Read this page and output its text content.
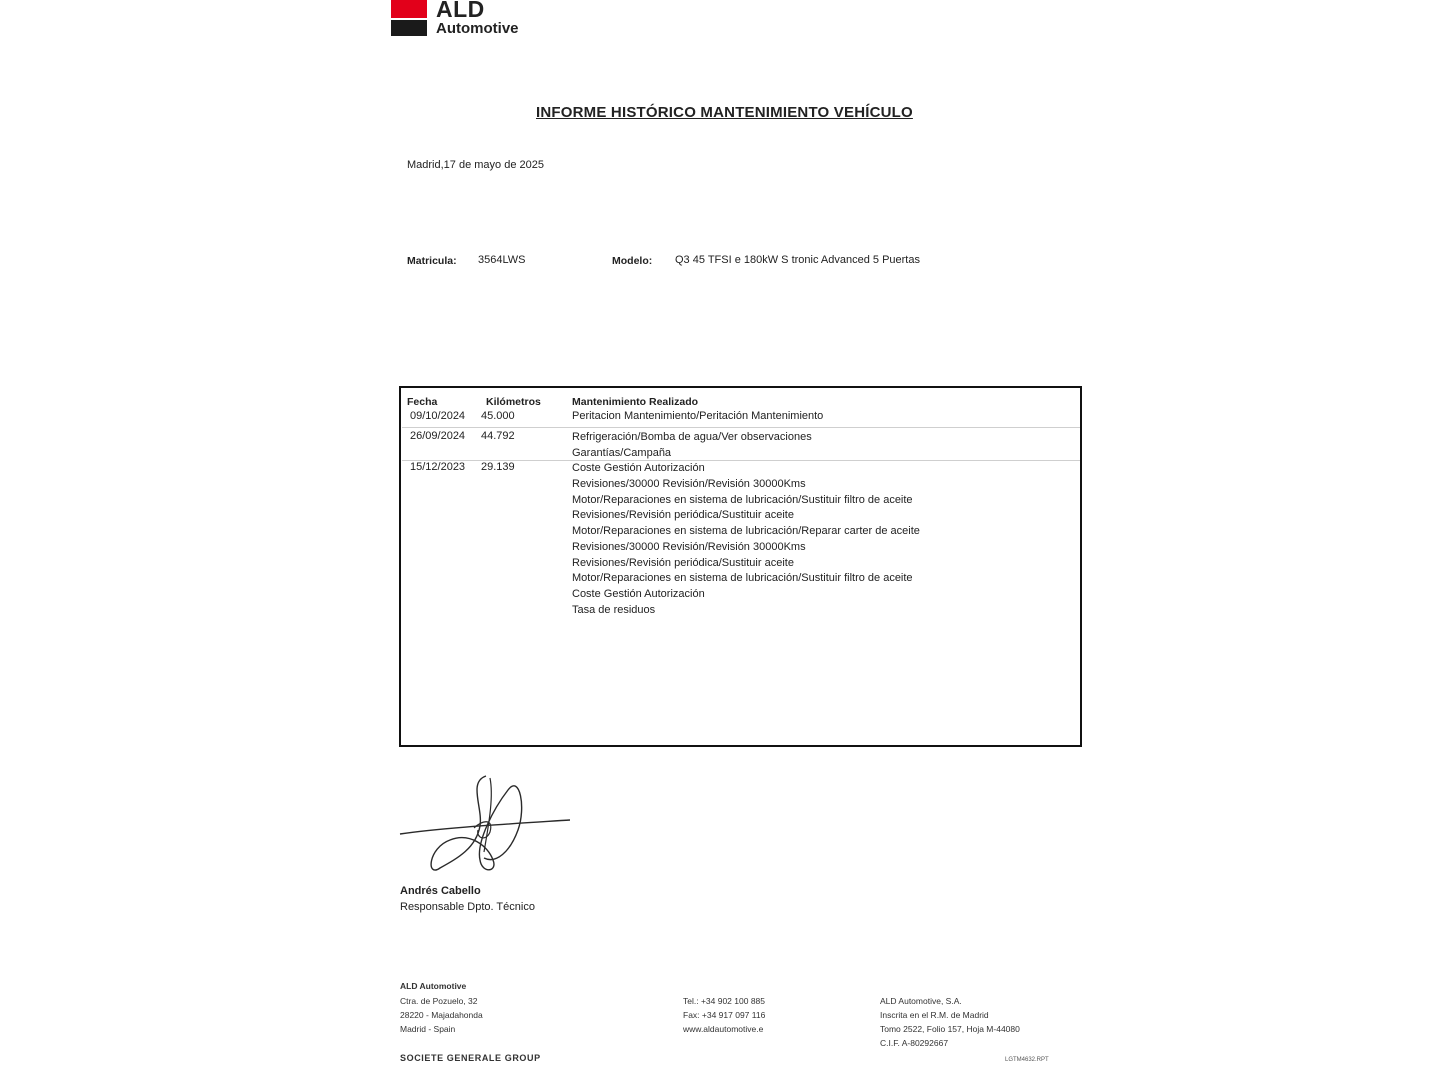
ALD
Automotive
INFORME HISTÓRICO MANTENIMIENTO VEHÍCULO
Madrid,17 de mayo de 2025
Matricula: 3564LWS	Modelo: Q3 45 TFSI e 180kW S tronic Advanced 5 Puertas
Fecha	Kilómetros	Mantenimiento Realizado
09/10/2024 45.000	Peritacion Mantenimiento/Peritación Mantenimiento
26/09/2024 44.792	Refrigeración/Bomba de agua/Ver observaciones
Garantías/Campaña
15/12/2023 29.139	Coste Gestión Autorización
Revisiones/30000 Revisión/Revisión 30000Kms
Motor/Reparaciones en sistema de lubricación/Sustituir filtro de aceite
Revisiones/Revisión periódica/Sustituir aceite
Motor/Reparaciones en sistema de lubricación/Reparar carter de aceite
Revisiones/30000 Revisión/Revisión 30000Kms
Revisiones/Revisión periódica/Sustituir aceite
Motor/Reparaciones en sistema de lubricación/Sustituir filtro de aceite
Coste Gestión Autorización
Tasa de residuos
Andrés Cabello
Responsable Dpto. Técnico
ALD Automotive
Ctra. de Pozuelo, 32
28220 - Majadahonda
Madrid - Spain
Tel.: +34 902 100 885
Fax: +34 917 097 116
www.aldautomotive.e
ALD Automotive, S.A.
Inscrita en el R.M. de Madrid
Tomo 2522, Folio 157, Hoja M-44080
C.I.F. A-80292667
SOCIETE GENERALE GROUP	LGTM4632.RPT
